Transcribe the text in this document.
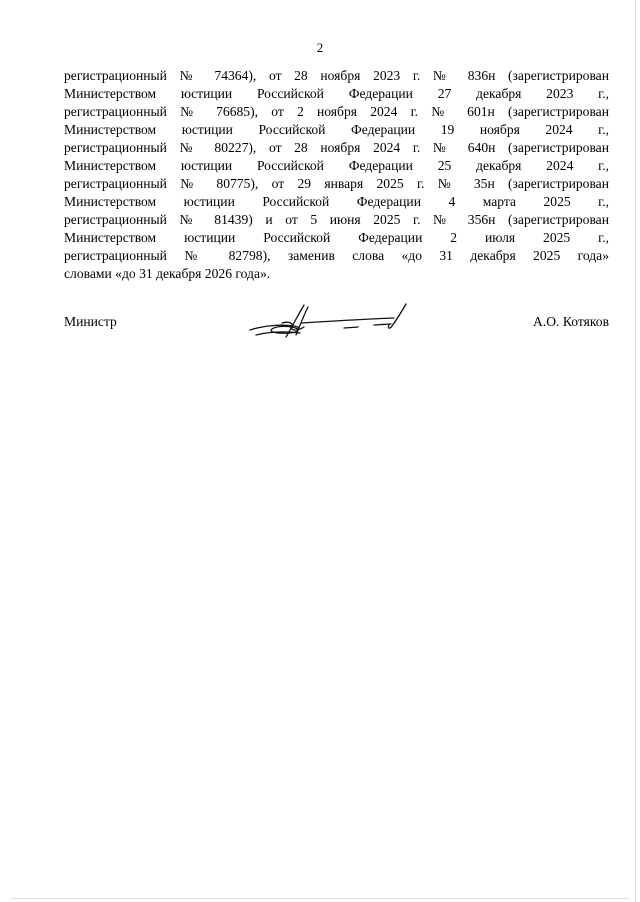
2
регистрационный № 74364), от 28 ноября 2023 г. № 836н (зарегистрирован
Министерством юстиции Российской Федерации 27 декабря 2023 г.,
регистрационный № 76685), от 2 ноября 2024 г. № 601н (зарегистрирован
Министерством юстиции Российской Федерации 19 ноября 2024 г.,
регистрационный № 80227), от 28 ноября 2024 г. № 640н (зарегистрирован
Министерством юстиции Российской Федерации 25 декабря 2024 г.,
регистрационный № 80775), от 29 января 2025 г. № 35н (зарегистрирован
Министерством юстиции Российской Федерации 4 марта 2025 г.,
регистрационный № 81439) и от 5 июня 2025 г. № 356н (зарегистрирован
Министерством юстиции Российской Федерации 2 июля 2025 г.,
регистрационный № 82798), заменив слова «до 31 декабря 2025 года»
словами «до 31 декабря 2026 года».
Министр	А.О. Котяков
